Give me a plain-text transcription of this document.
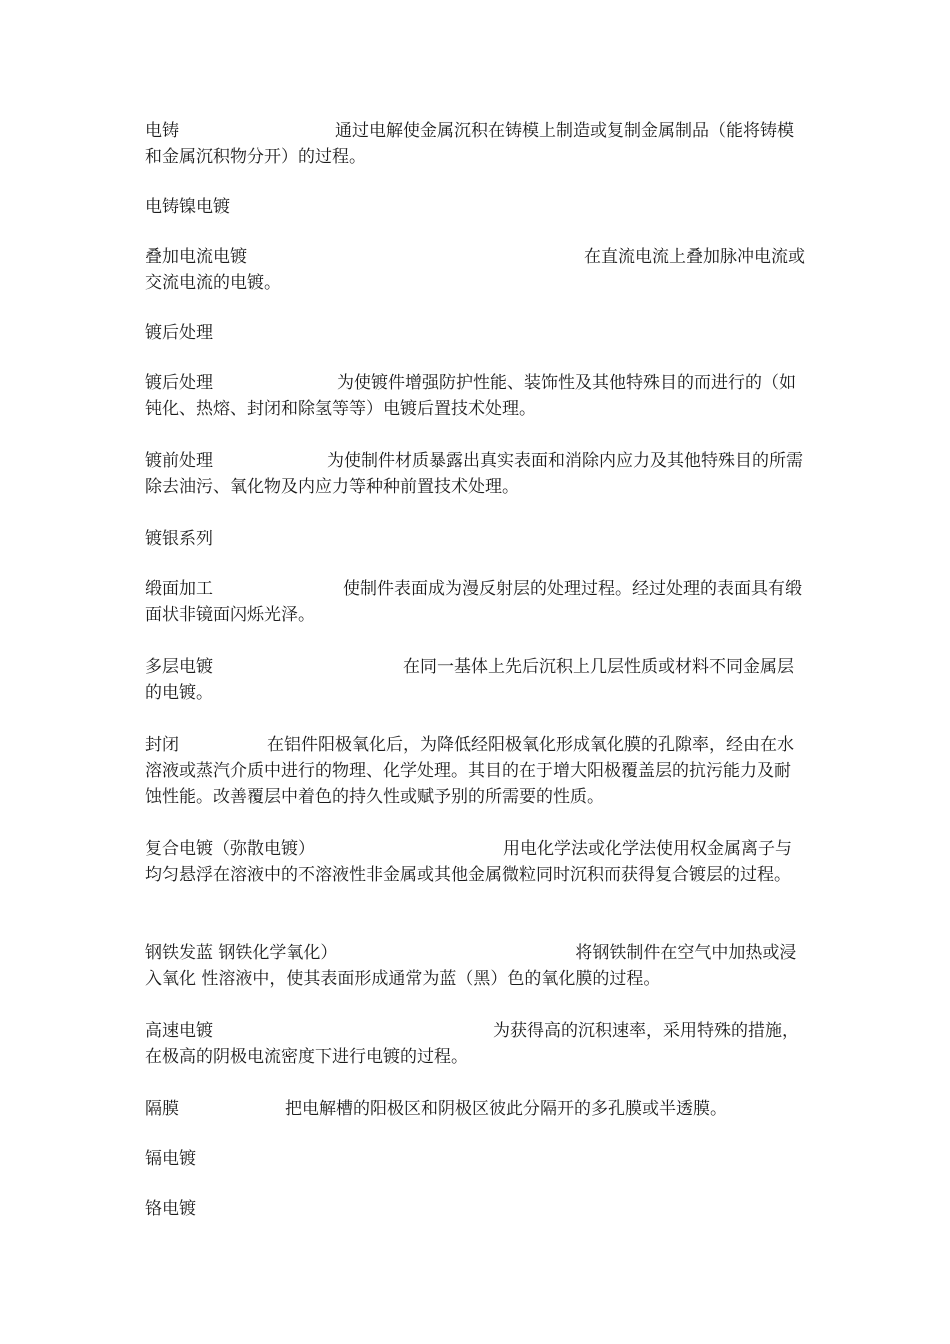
电铸	通过电解使金属沉积在铸模上制造或复制金属制品（能将铸模和金属沉积物分开）的过程。
电铸镍电镀
叠加电流电镀	在直流电流上叠加脉冲电流或交流电流的电镀。
镀后处理
镀后处理	为使镀件增强防护性能、装饰性及其他特殊目的而进行的（如钝化、热熔、封闭和除氢等等）电镀后置技术处理。
镀前处理	为使制件材质暴露出真实表面和消除内应力及其他特殊目的所需除去油污、氧化物及内应力等种种前置技术处理。
镀银系列
缎面加工	使制件表面成为漫反射层的处理过程。经过处理的表面具有缎面状非镜面闪烁光泽。
多层电镀	在同一基体上先后沉积上几层性质或材料不同金属层的电镀。
封闭	在铝件阳极氧化后，为降低经阳极氧化形成氧化膜的孔隙率，经由在水溶液或蒸汽介质中进行的物理、化学处理。其目的在于增大阳极覆盖层的抗污能力及耐蚀性能。改善覆层中着色的持久性或赋予别的所需要的性质。
复合电镀（弥散电镀）	用电化学法或化学法使用权金属离子与均匀悬浮在溶液中的不溶液性非金属或其他金属微粒同时沉积而获得复合镀层的过程。
钢铁发蓝 钢铁化学氧化）	将钢铁制件在空气中加热或浸入氧化 性溶液中，使其表面形成通常为蓝（黑）色的氧化膜的过程。
高速电镀	为获得高的沉积速率，采用特殊的措施，在极高的阴极电流密度下进行电镀的过程。
隔膜	把电解槽的阳极区和阴极区彼此分隔开的多孔膜或半透膜。
镉电镀
铬电镀
